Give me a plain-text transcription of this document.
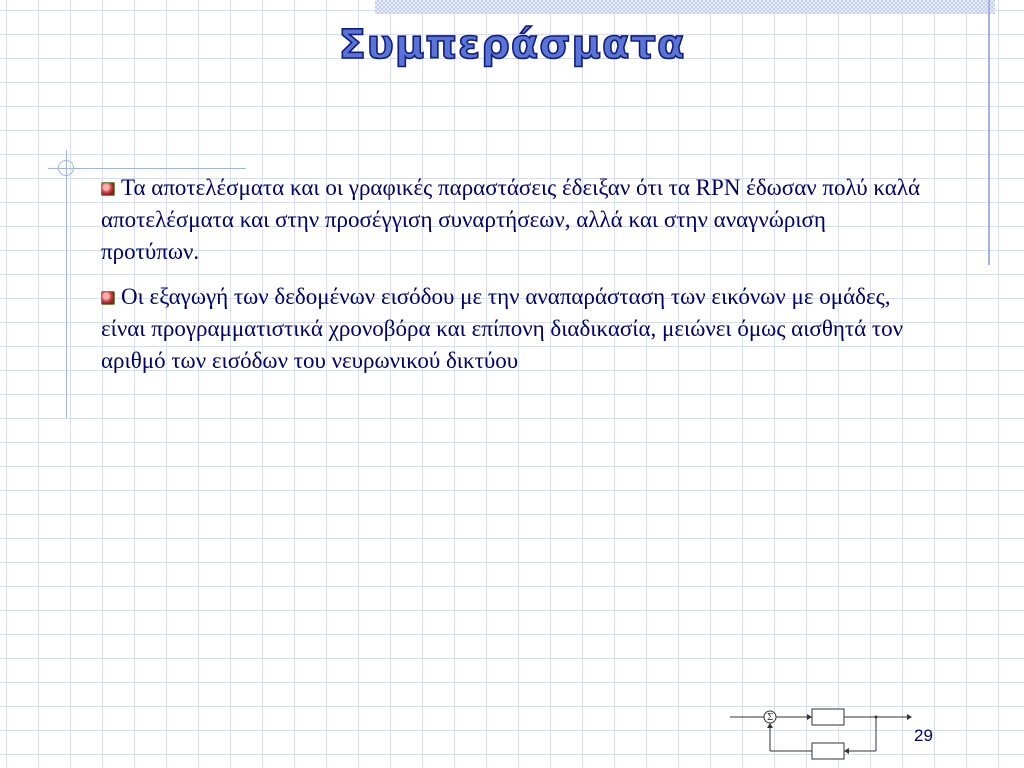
Συμπεράσματα

Τα αποτελέσματα και οι γραφικές παραστάσεις έδειξαν ότι τα RPN έδωσαν πολύ καλά αποτελέσματα και στην προσέγγιση συναρτήσεων, αλλά και στην αναγνώριση προτύπων.

Οι εξαγωγή των δεδομένων εισόδου με την αναπαράσταση των εικόνων με ομάδες, είναι προγραμματιστικά χρονοβόρα και επίπονη διαδικασία, μειώνει όμως αισθητά τον αριθμό των εισόδων του νευρωνικού δικτύου

Σ
29
